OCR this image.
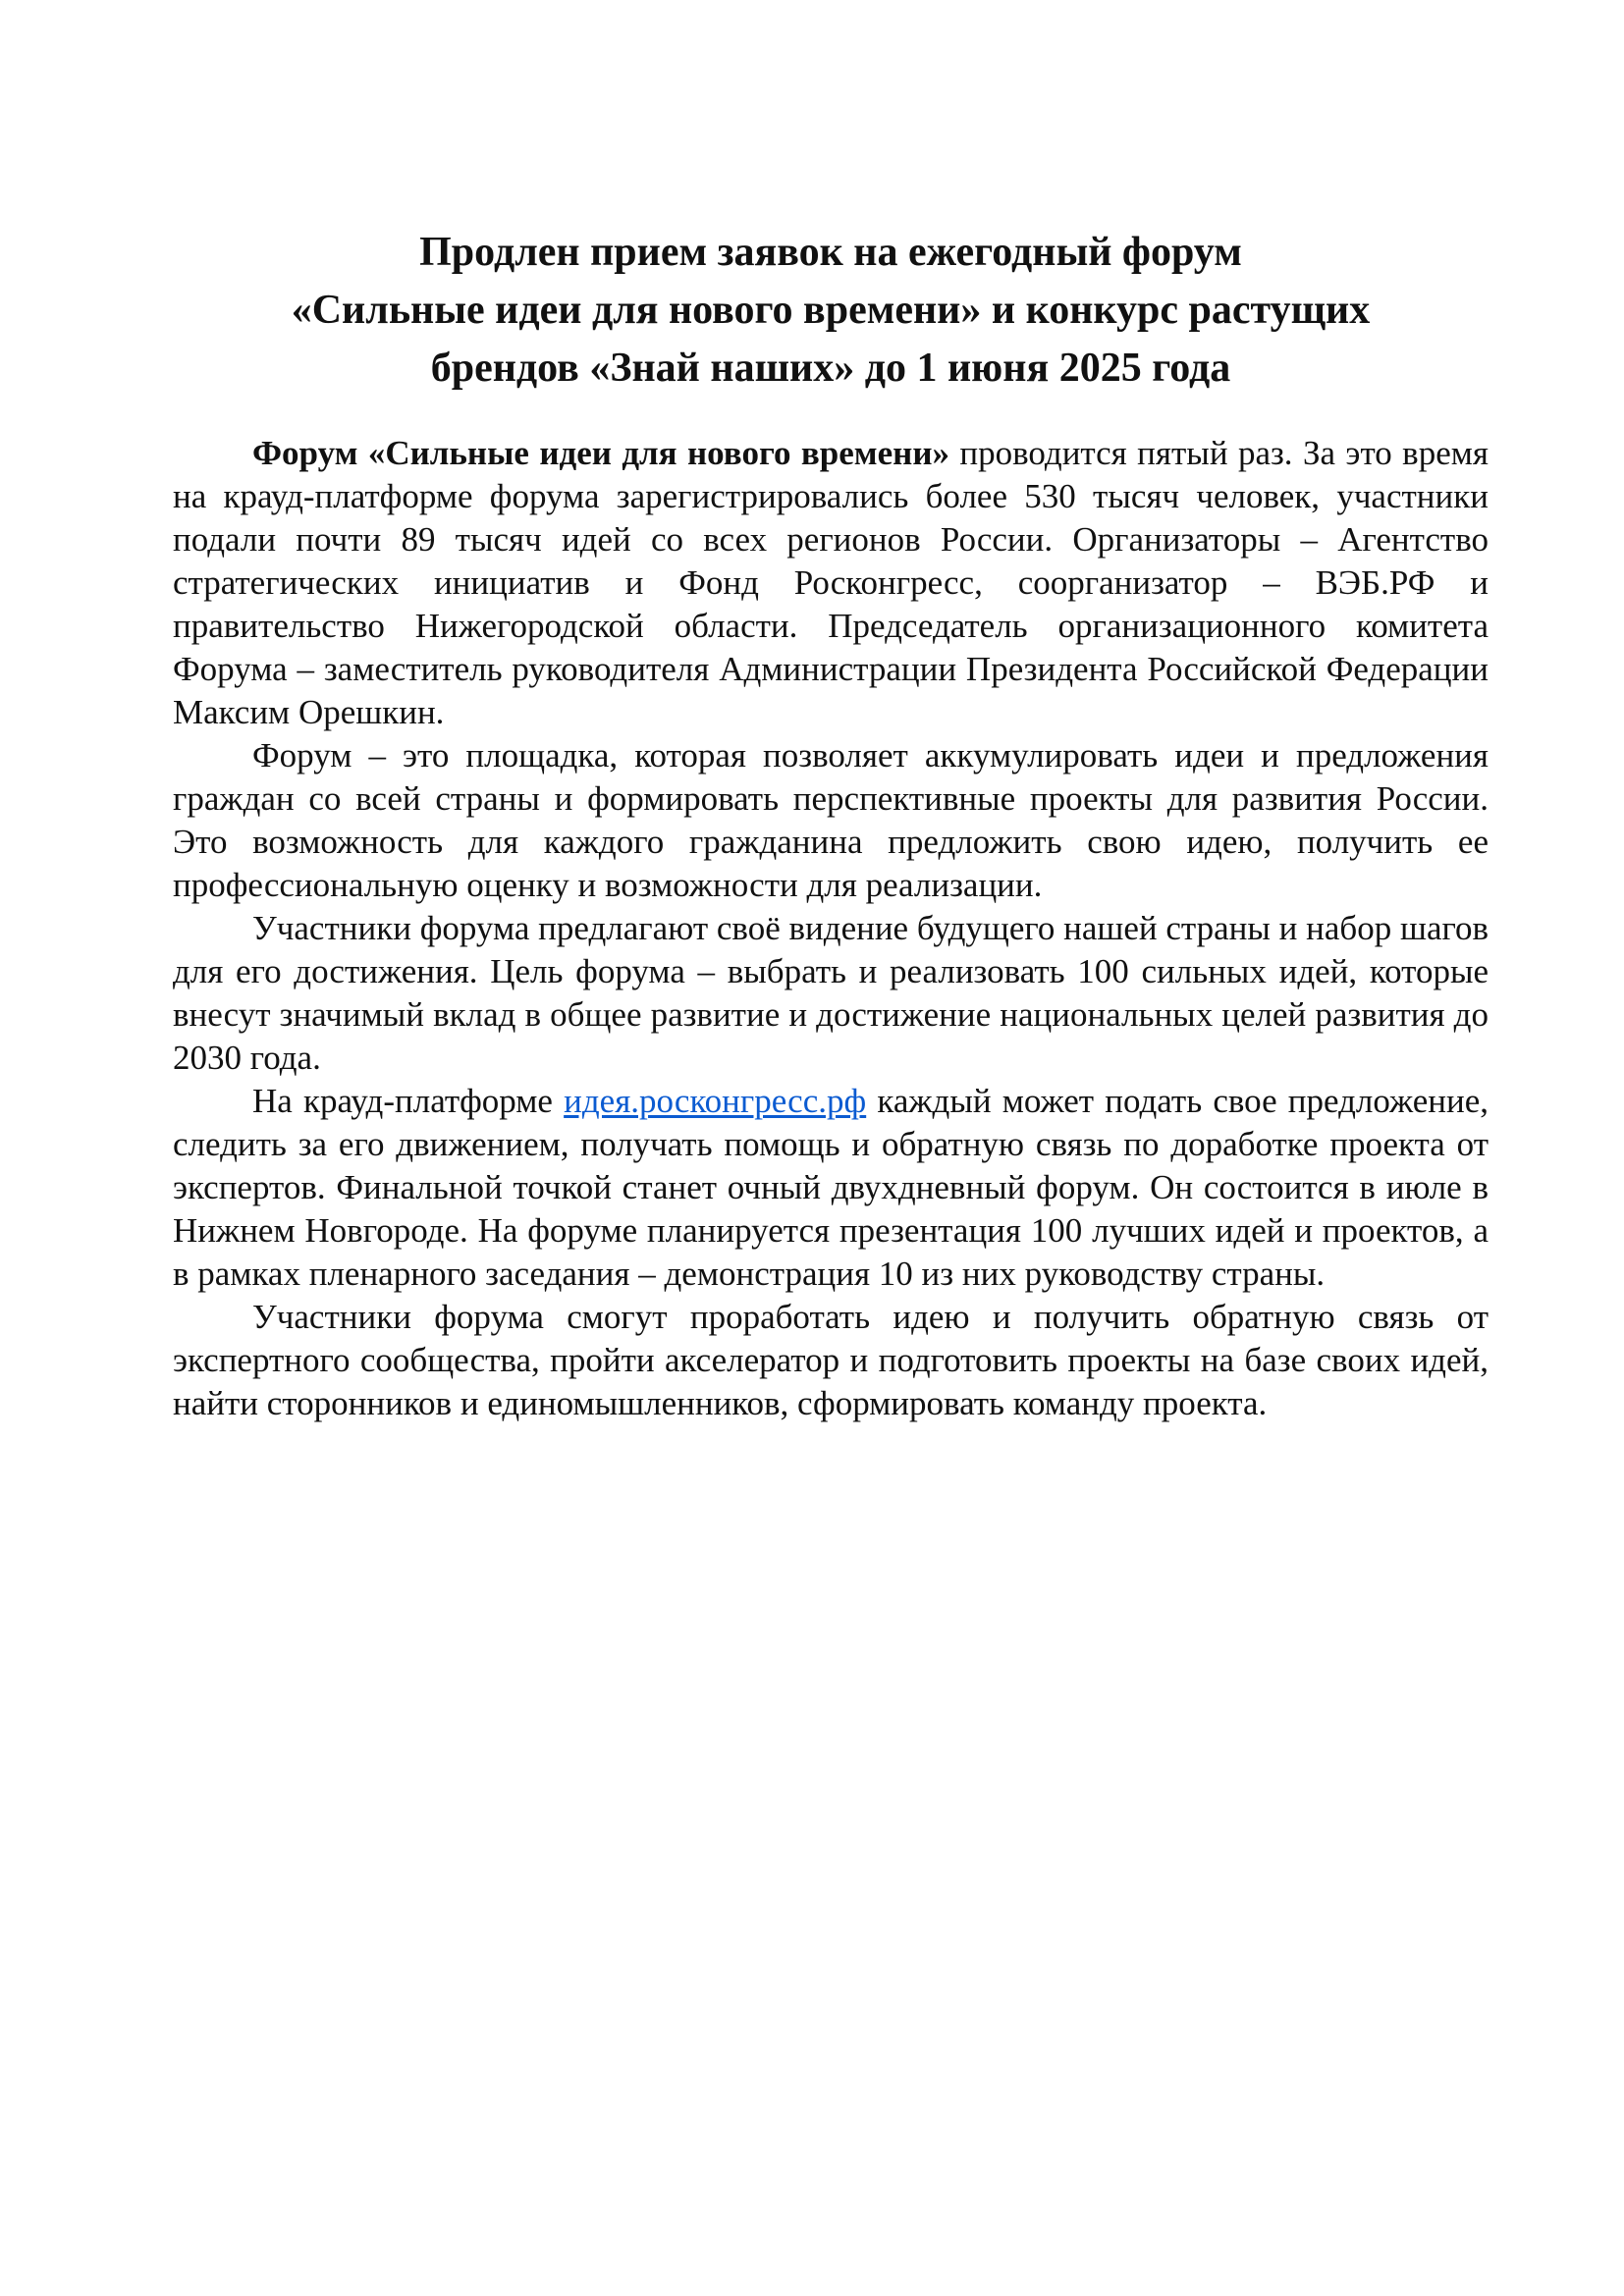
Продлен прием заявок на ежегодный форум
«Сильные идеи для нового времени» и конкурс растущих
брендов «Знай наших» до 1 июня 2025 года

Форум «Сильные идеи для нового времени» проводится пятый раз. За это время на крауд-платформе форума зарегистрировались более 530 тысяч человек, участники подали почти 89 тысяч идей со всех регионов России. Организаторы – Агентство стратегических инициатив и Фонд Росконгресс, соорганизатор – ВЭБ.РФ и правительство Нижегородской области. Председатель организационного комитета Форума – заместитель руководителя Администрации Президента Российской Федерации Максим Орешкин.

Форум – это площадка, которая позволяет аккумулировать идеи и предложения граждан со всей страны и формировать перспективные проекты для развития России. Это возможность для каждого гражданина предложить свою идею, получить ее профессиональную оценку и возможности для реализации.

Участники форума предлагают своё видение будущего нашей страны и набор шагов для его достижения. Цель форума – выбрать и реализовать 100 сильных идей, которые внесут значимый вклад в общее развитие и достижение национальных целей развития до 2030 года.

На крауд-платформе идея.росконгресс.рф каждый может подать свое предложение, следить за его движением, получать помощь и обратную связь по доработке проекта от экспертов. Финальной точкой станет очный двухдневный форум. Он состоится в июле в Нижнем Новгороде. На форуме планируется презентация 100 лучших идей и проектов, а в рамках пленарного заседания – демонстрация 10 из них руководству страны.

Участники форума смогут проработать идею и получить обратную связь от экспертного сообщества, пройти акселератор и подготовить проекты на базе своих идей, найти сторонников и единомышленников, сформировать команду проекта.
